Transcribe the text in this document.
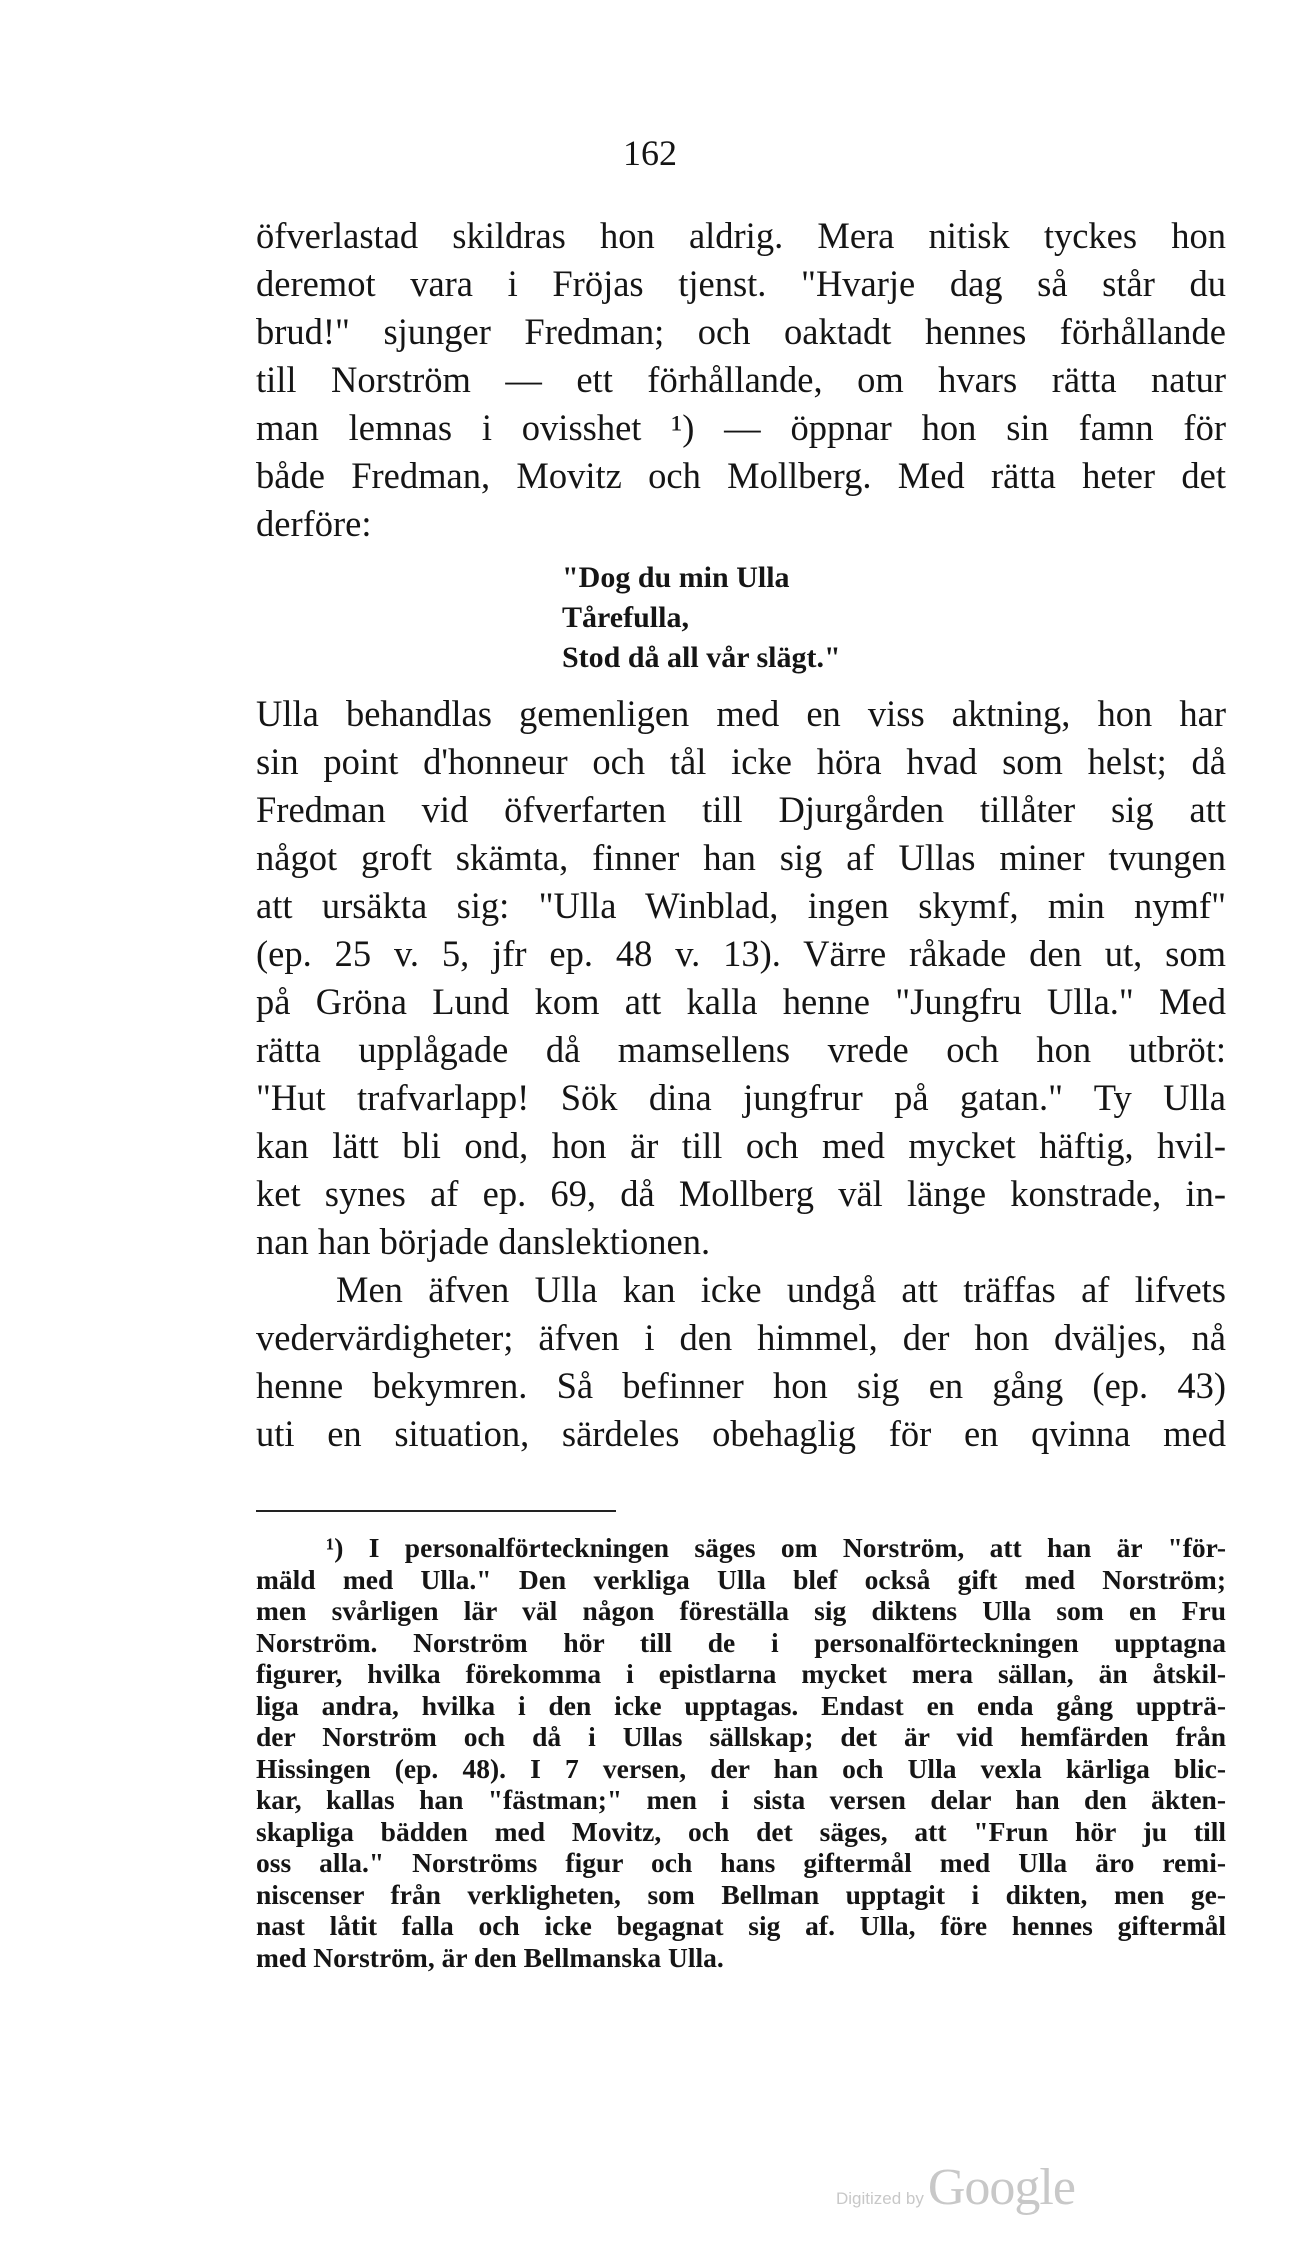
162
öfverlastad skildras hon aldrig. Mera nitisk tyckes hon
deremot vara i Fröjas tjenst. "Hvarje dag så står du
brud!" sjunger Fredman; och oaktadt hennes förhållande
till Norström — ett förhållande, om hvars rätta natur
man lemnas i ovisshet ¹) — öppnar hon sin famn för
både Fredman, Movitz och Mollberg. Med rätta heter det
derföre:
"Dog du min Ulla
Tårefulla,
Stod då all vår slägt."
Ulla behandlas gemenligen med en viss aktning, hon har
sin point d'honneur och tål icke höra hvad som helst; då
Fredman vid öfverfarten till Djurgården tillåter sig att
något groft skämta, finner han sig af Ullas miner tvungen
att ursäkta sig: "Ulla Winblad, ingen skymf, min nymf"
(ep. 25 v. 5, jfr ep. 48 v. 13). Värre råkade den ut, som
på Gröna Lund kom att kalla henne "Jungfru Ulla." Med
rätta upplågade då mamsellens vrede och hon utbröt:
"Hut trafvarlapp! Sök dina jungfrur på gatan." Ty Ulla
kan lätt bli ond, hon är till och med mycket häftig, hvil-
ket synes af ep. 69, då Mollberg väl länge konstrade, in-
nan han började danslektionen.
Men äfven Ulla kan icke undgå att träffas af lifvets
vedervärdigheter; äfven i den himmel, der hon dväljes, nå
henne bekymren. Så befinner hon sig en gång (ep. 43)
uti en situation, särdeles obehaglig för en qvinna med
¹) I personalförteckningen säges om Norström, att han är "för-
mäld med Ulla." Den verkliga Ulla blef också gift med Norström;
men svårligen lär väl någon föreställa sig diktens Ulla som en Fru
Norström. Norström hör till de i personalförteckningen upptagna
figurer, hvilka förekomma i epistlarna mycket mera sällan, än åtskil-
liga andra, hvilka i den icke upptagas. Endast en enda gång uppträ-
der Norström och då i Ullas sällskap; det är vid hemfärden från
Hissingen (ep. 48). I 7 versen, der han och Ulla vexla kärliga blic-
kar, kallas han "fästman;" men i sista versen delar han den äkten-
skapliga bädden med Movitz, och det säges, att "Frun hör ju till
oss alla." Norströms figur och hans giftermål med Ulla äro remi-
niscenser från verkligheten, som Bellman upptagit i dikten, men ge-
nast låtit falla och icke begagnat sig af. Ulla, före hennes giftermål
med Norström, är den Bellmanska Ulla.
Digitized by Google
